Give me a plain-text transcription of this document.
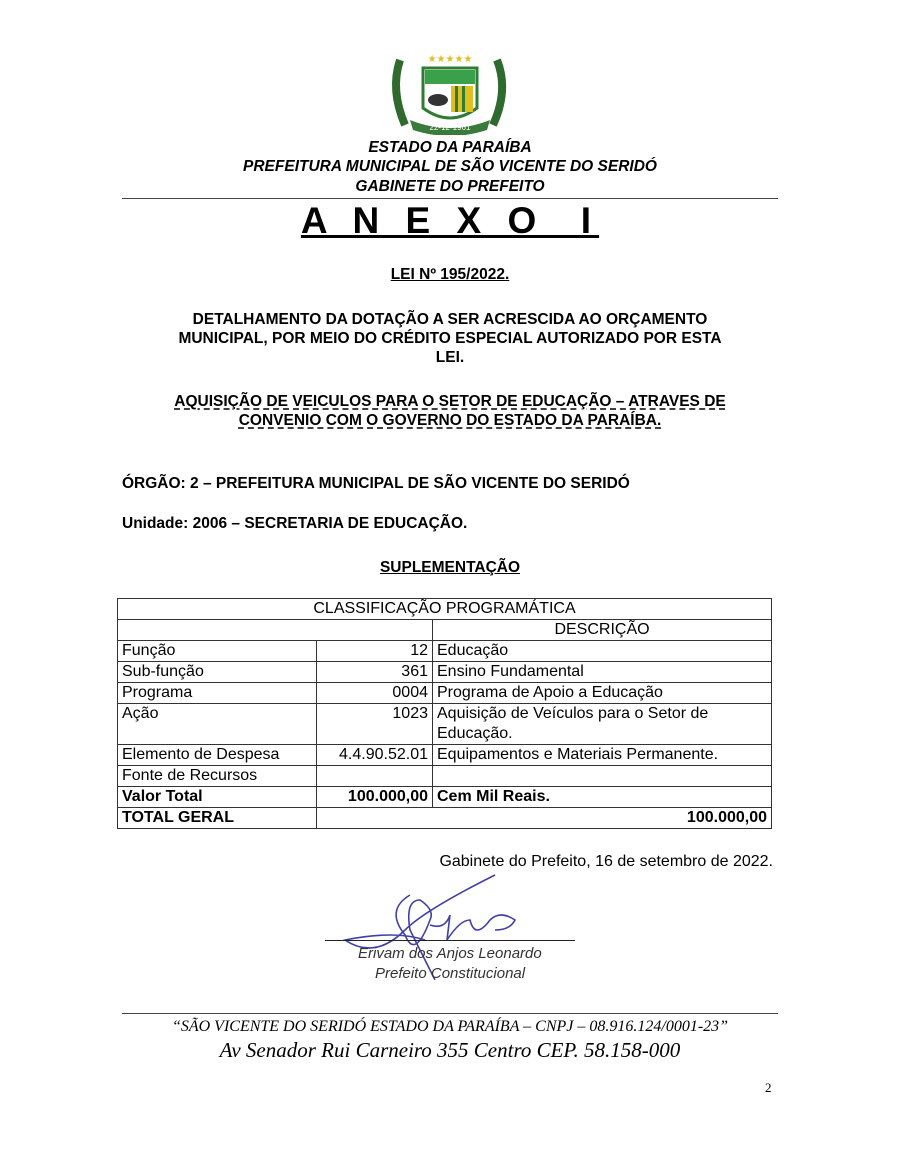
★★★★★
22-12-1961
ESTADO DA PARAÍBA
PREFEITURA MUNICIPAL DE SÃO VICENTE DO SERIDÓ
GABINETE DO PREFEITO
A N E X O  I
LEI Nº 195/2022.
DETALHAMENTO DA DOTAÇÃO A SER ACRESCIDA AO ORÇAMENTO
MUNICIPAL, POR MEIO DO CRÉDITO ESPECIAL AUTORIZADO POR ESTA
LEI.
AQUISIÇÃO DE VEICULOS PARA O SETOR DE EDUCAÇÃO – ATRAVES DE
CONVENIO COM O GOVERNO DO ESTADO DA PARAÍBA.
ÓRGÃO: 2 – PREFEITURA MUNICIPAL DE SÃO VICENTE DO SERIDÓ
Unidade: 2006 – SECRETARIA DE EDUCAÇÃO.
SUPLEMENTAÇÃO
CLASSIFICAÇÃO PROGRAMÁTICA		
		DESCRIÇÃO
Função	12	Educação
Sub-função	361	Ensino Fundamental
Programa	0004	Programa de Apoio a Educação
Ação	1023	Aquisição de Veículos para o Setor de Educação.
Elemento de Despesa	4.4.90.52.01	Equipamentos e Materiais Permanente.
Fonte de Recursos		
Valor Total	100.000,00	Cem Mil Reais.
TOTAL GERAL	100.000,00	
Gabinete do Prefeito, 16 de setembro de 2022.
Erivam dos Anjos Leonardo
Prefeito Constitucional
“SÃO VICENTE DO SERIDÓ ESTADO DA PARAÍBA – CNPJ – 08.916.124/0001-23”
Av Senador Rui Carneiro 355 Centro CEP. 58.158-000
2
